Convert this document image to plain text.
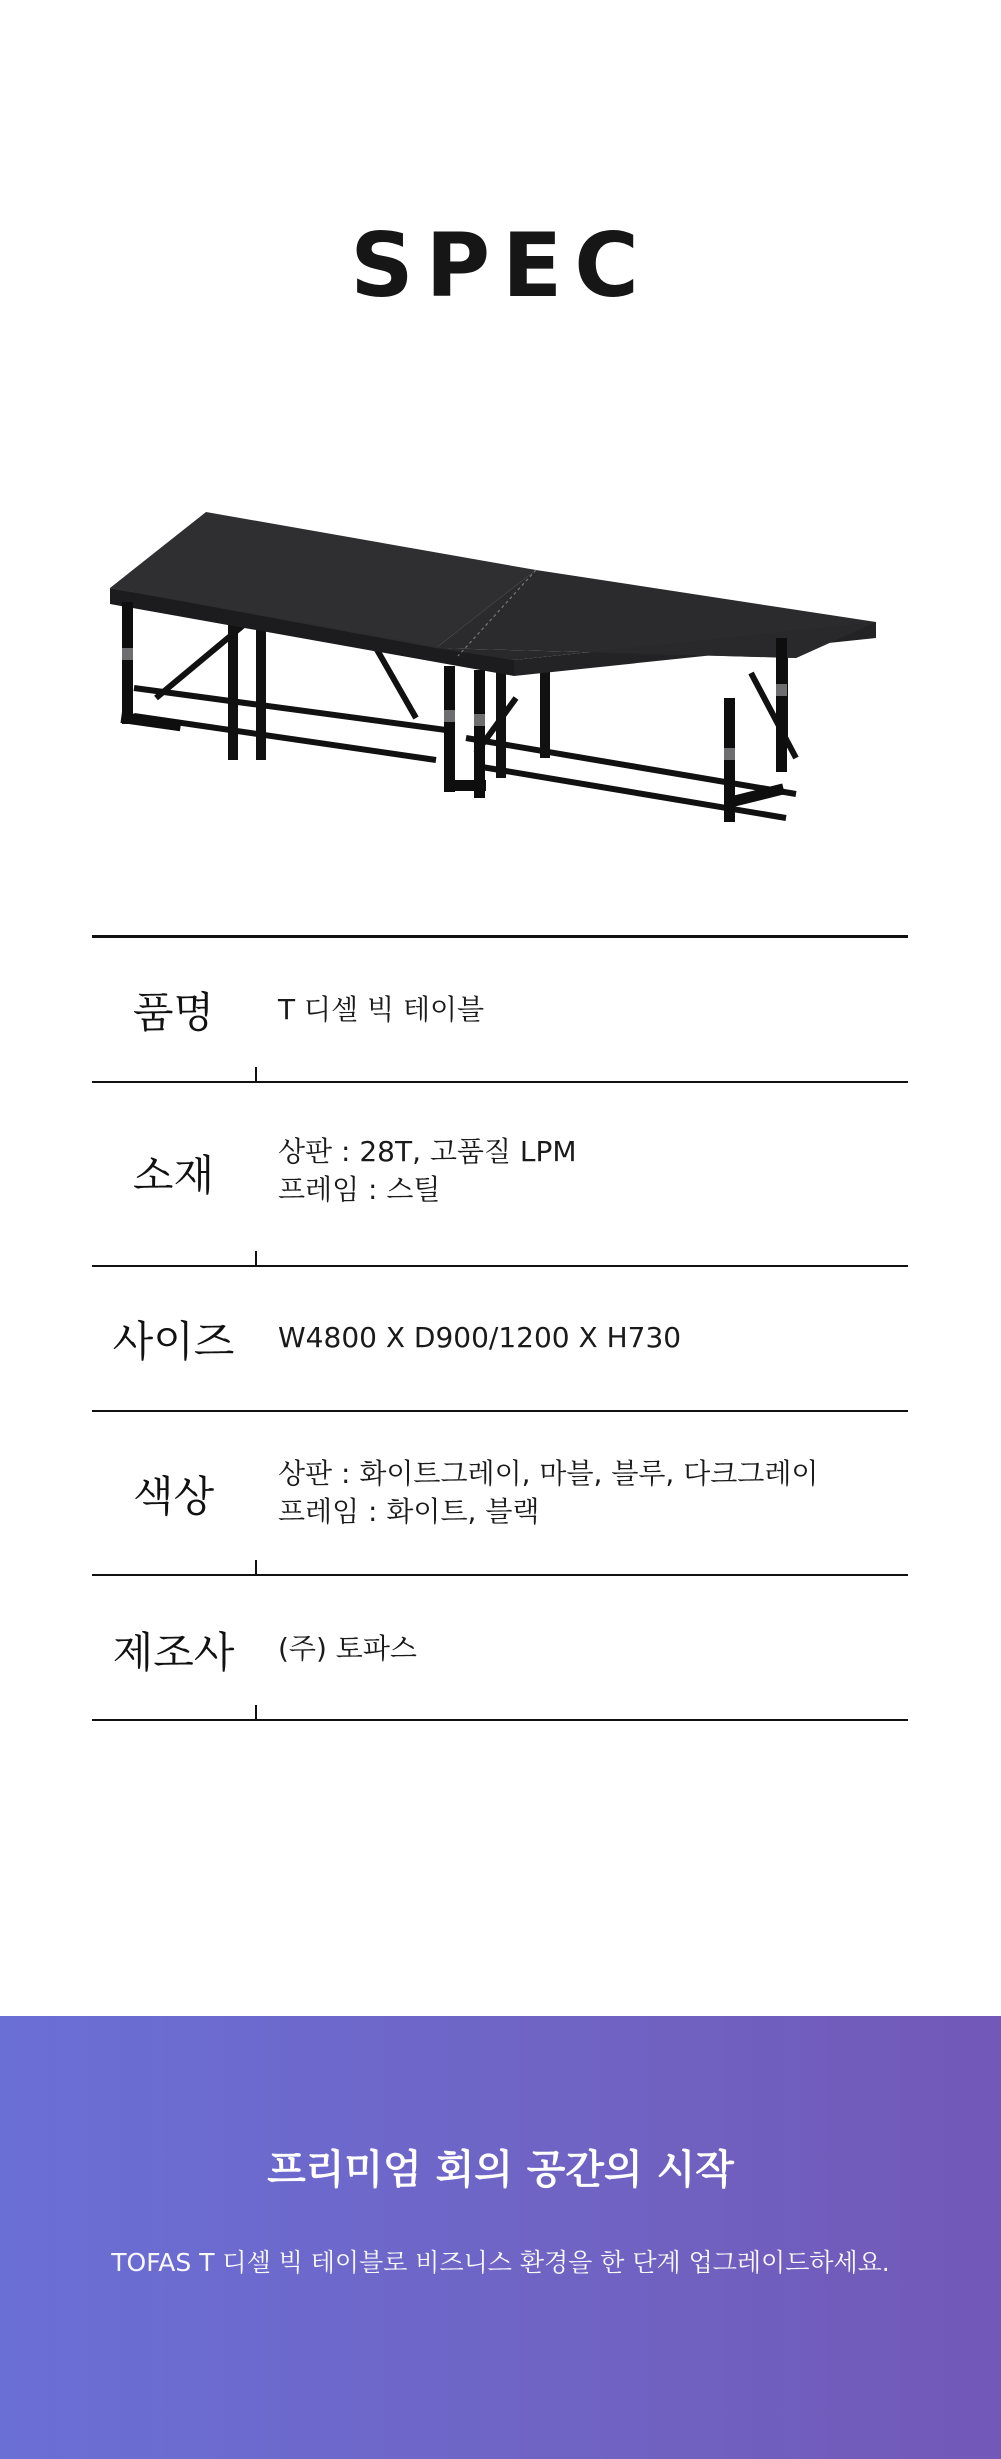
SPEC
품명	T 디셀 빅 테이블
소재	상판 : 28T, 고품질 LPM
프레임 : 스틸
사이즈	W4800 X D900/1200 X H730
색상	상판 : 화이트그레이, 마블, 블루, 다크그레이
프레임 : 화이트, 블랙
제조사	(주) 토파스
프리미엄 회의 공간의 시작
TOFAS T 디셀 빅 테이블로 비즈니스 환경을 한 단계 업그레이드하세요.
